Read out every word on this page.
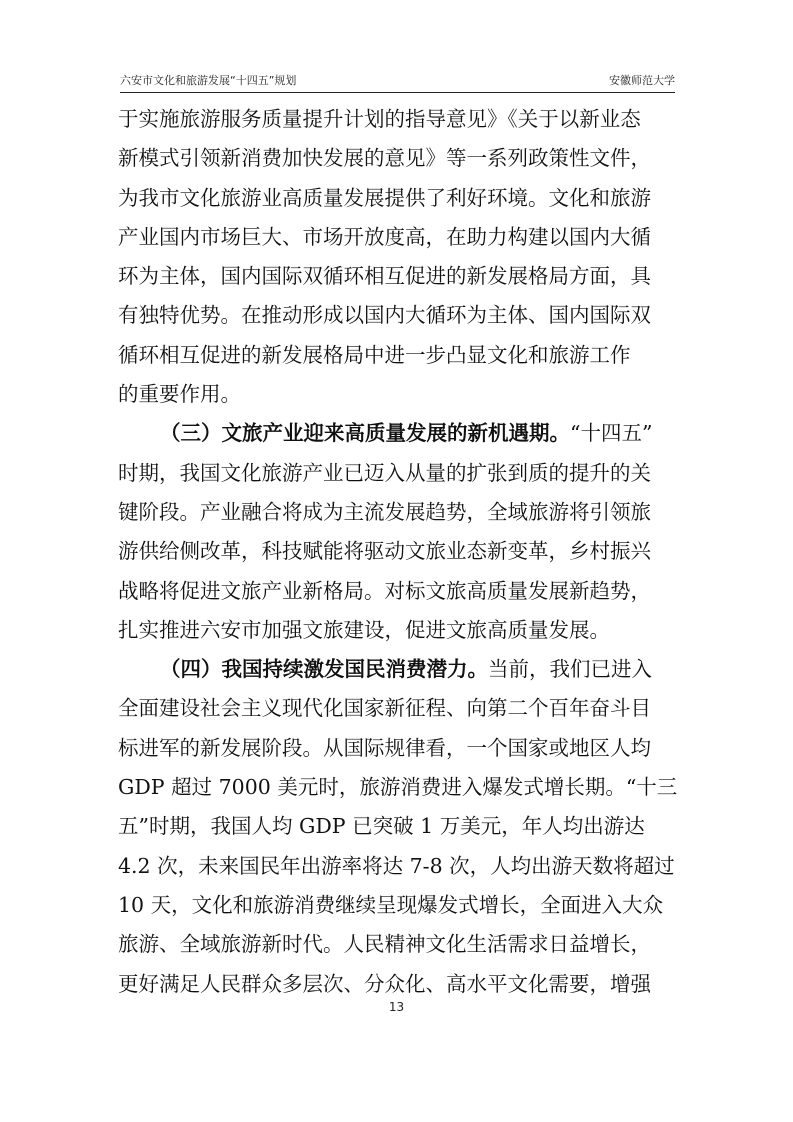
六安市文化和旅游发展“十四五”规划	安徽师范大学
于实施旅游服务质量提升计划的指导意见》《关于以新业态
新模式引领新消费加快发展的意见》等一系列政策性文件，
为我市文化旅游业高质量发展提供了利好环境。文化和旅游
产业国内市场巨大、市场开放度高，在助力构建以国内大循
环为主体，国内国际双循环相互促进的新发展格局方面，具
有独特优势。在推动形成以国内大循环为主体、国内国际双
循环相互促进的新发展格局中进一步凸显文化和旅游工作
的重要作用。
（三）文旅产业迎来高质量发展的新机遇期。 “十四五”
时期，我国文化旅游产业已迈入从量的扩张到质的提升的关
键阶段。产业融合将成为主流发展趋势，全域旅游将引领旅
游供给侧改革，科技赋能将驱动文旅业态新变革，乡村振兴
战略将促进文旅产业新格局。对标文旅高质量发展新趋势，
扎实推进六安市加强文旅建设，促进文旅高质量发展。
（四）我国持续激发国民消费潜力。 当前，我们已进入
全面建设社会主义现代化国家新征程、向第二个百年奋斗目
标进军的新发展阶段。从国际规律看，一个国家或地区人均
GDP 超过 7000 美元时，旅游消费进入爆发式增长期。“十三
五”时期，我国人均 GDP 已突破 1 万美元，年人均出游达
4.2 次，未来国民年出游率将达 7-8 次，人均出游天数将超过
10 天，文化和旅游消费继续呈现爆发式增长，全面进入大众
旅游、全域旅游新时代。人民精神文化生活需求日益增长，
更好满足人民群众多层次、分众化、高水平文化需要，增强
13
